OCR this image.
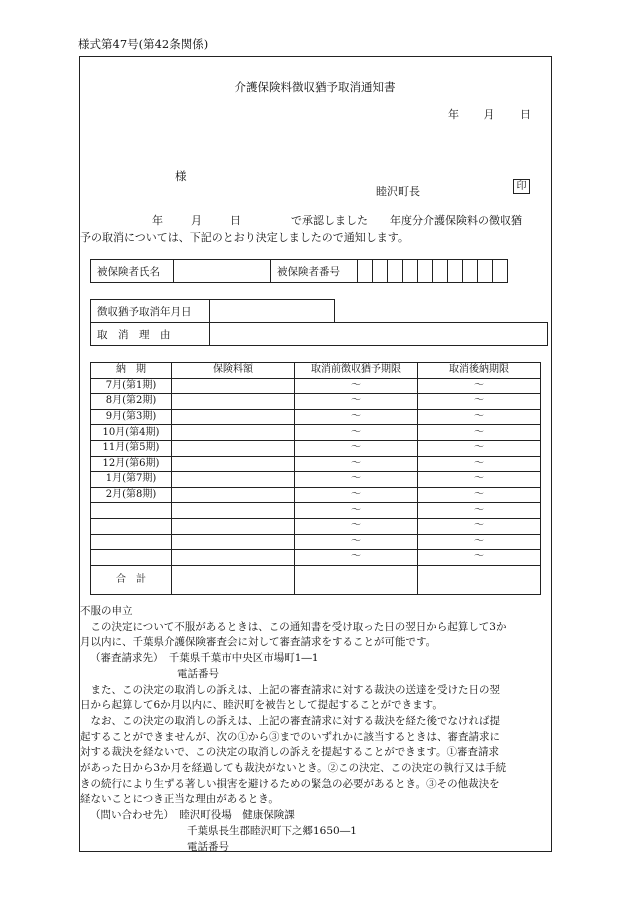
様式第47号(第42条関係)
介護保険料徴収猶予取消通知書
年 月 日
様
睦沢町長	印
年	月	日	で承認しました 年度分介護保険料の徴収猶
予の取消については、下記のとおり決定しましたので通知します。
被保険者氏名		被保険者番号										
徴収猶予取消年月日		
取　消　理　由		
納　期	保険料額	取消前徴収猶予期限	取消後納期限
7月(第1期)		～	～
8月(第2期)		～	～
9月(第3期)		～	～
10月(第4期)		～	～
11月(第5期)		～	～
12月(第6期)		～	～
1月(第7期)		～	～
2月(第8期)		～	～
		～	～
		～	～
		～	～
		～	～
合　計			

不服の申立

　この決定について不服があるときは、この通知書を受け取った日の翌日から起算して3か

月以内に、千葉県介護保険審査会に対して審査請求をすることが可能です。

（審査請求先）　千葉県千葉市中央区市場町1―1

電話番号

　また、この決定の取消しの訴えは、上記の審査請求に対する裁決の送達を受けた日の翌

日から起算して6か月以内に、睦沢町を被告として提起することができます。

　なお、この決定の取消しの訴えは、上記の審査請求に対する裁決を経た後でなければ提

起することができませんが、次の①から③までのいずれかに該当するときは、審査請求に

対する裁決を経ないで、この決定の取消しの訴えを提起することができます。①審査請求

があった日から3か月を経過しても裁決がないとき。②この決定、この決定の執行又は手続

きの続行により生ずる著しい損害を避けるための緊急の必要があるとき。③その他裁決を

経ないことにつき正当な理由があるとき。

（問い合わせ先）　睦沢町役場　健康保険課

千葉県長生郡睦沢町下之郷1650―1

電話番号
